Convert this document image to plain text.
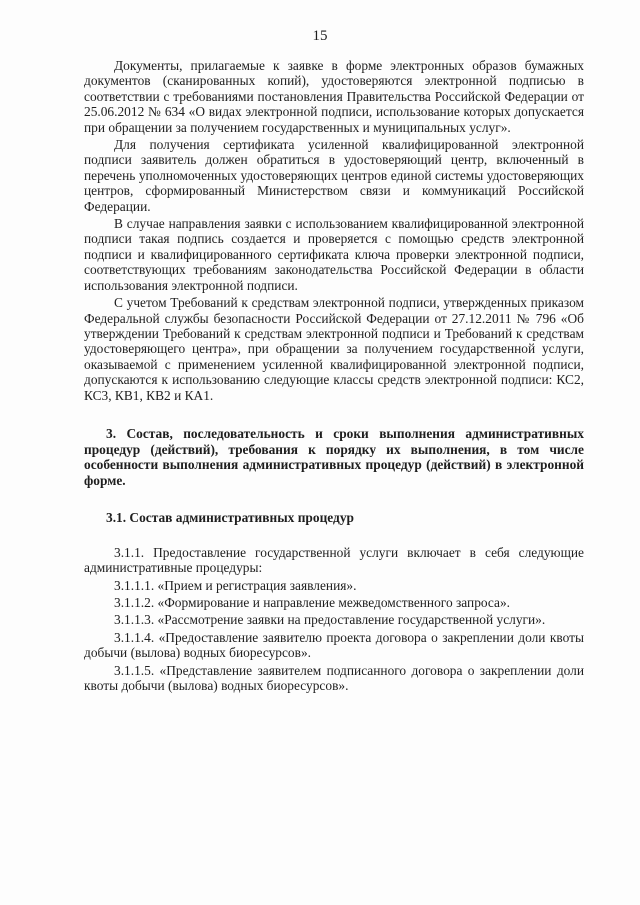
15

Документы, прилагаемые к заявке в форме электронных образов бумажных документов (сканированных копий), удостоверяются электронной подписью в соответствии с требованиями постановления Правительства Российской Федерации от 25.06.2012 № 634 «О видах электронной подписи, использование которых допускается при обращении за получением государственных и муниципальных услуг».

Для получения сертификата усиленной квалифицированной электронной подписи заявитель должен обратиться в удостоверяющий центр, включенный в перечень уполномоченных удостоверяющих центров единой системы удостоверяющих центров, сформированный Министерством связи и коммуникаций Российской Федерации.

В случае направления заявки с использованием квалифицированной электронной подписи такая подпись создается и проверяется с помощью средств электронной подписи и квалифицированного сертификата ключа проверки электронной подписи, соответствующих требованиям законодательства Российской Федерации в области использования электронной подписи.

С учетом Требований к средствам электронной подписи, утвержденных приказом Федеральной службы безопасности Российской Федерации от 27.12.2011 № 796 «Об утверждении Требований к средствам электронной подписи и Требований к средствам удостоверяющего центра», при обращении за получением государственной услуги, оказываемой с применением усиленной квалифицированной электронной подписи, допускаются к использованию следующие классы средств электронной подписи: КС2, КС3, КВ1, КВ2 и КА1.

3. Состав, последовательность и сроки выполнения административных процедур (действий), требования к порядку их выполнения, в том числе особенности выполнения административных процедур (действий) в электронной форме.

3.1. Состав административных процедур

3.1.1. Предоставление государственной услуги включает в себя следующие административные процедуры:

3.1.1.1. «Прием и регистрация заявления».

3.1.1.2. «Формирование и направление межведомственного запроса».

3.1.1.3. «Рассмотрение заявки на предоставление государственной услуги».

3.1.1.4. «Предоставление заявителю проекта договора о закреплении доли квоты добычи (вылова) водных биоресурсов».

3.1.1.5. «Представление заявителем подписанного договора о закреплении доли квоты добычи (вылова) водных биоресурсов».
